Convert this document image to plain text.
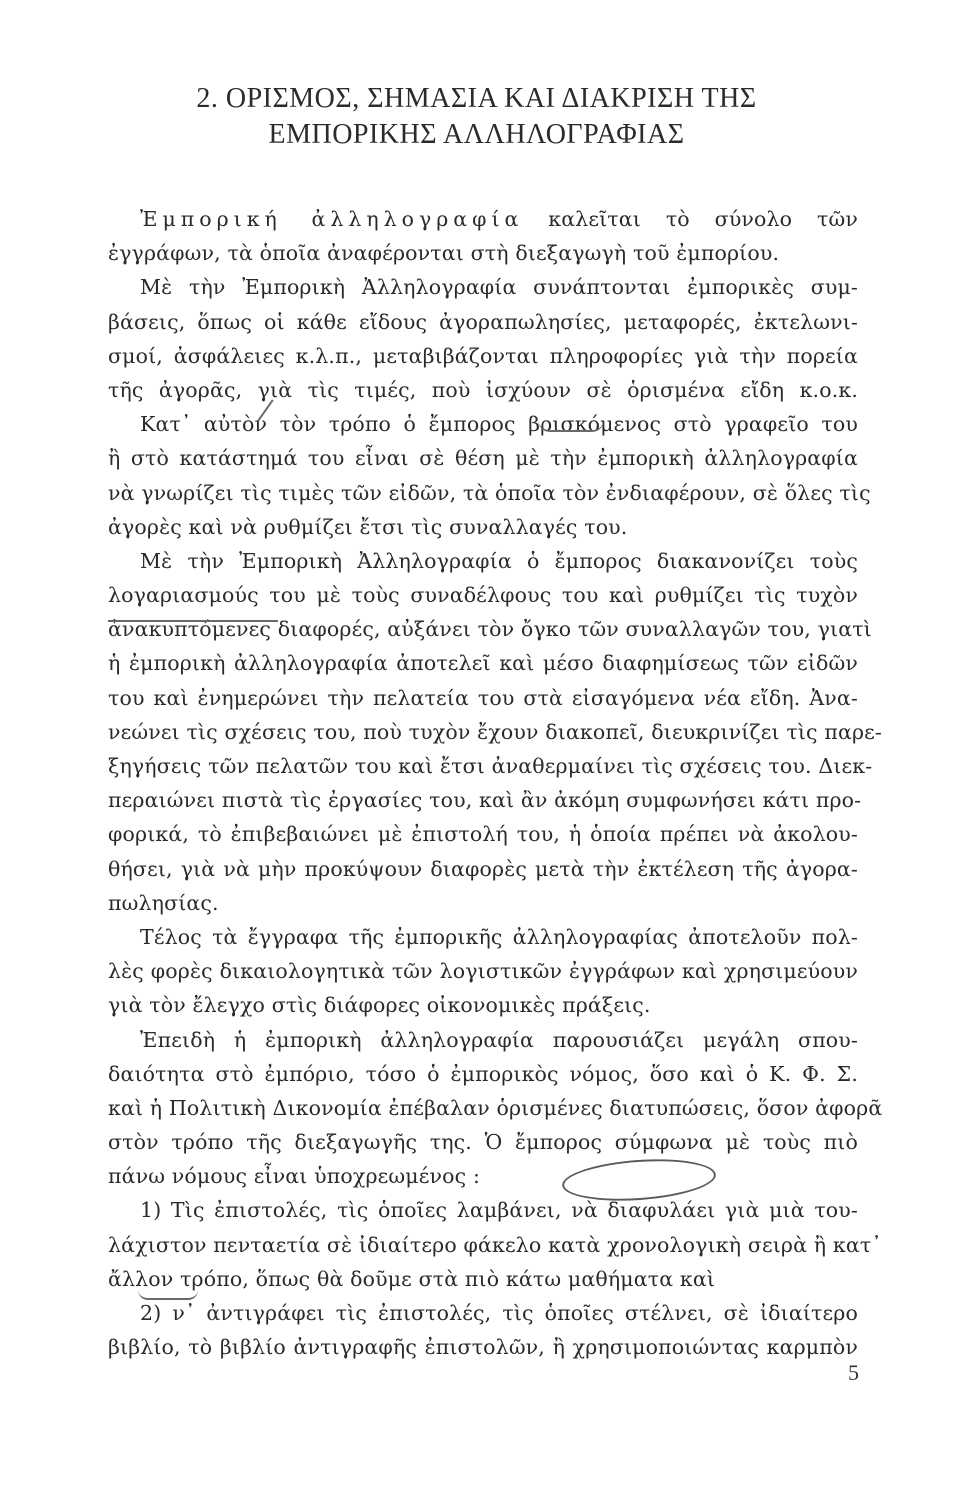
2. ΟΡΙΣΜΟΣ, ΣΗΜΑΣΙΑ ΚΑΙ ΔΙΑΚΡΙΣΗ ΤΗΣ
ΕΜΠΟΡΙΚΗΣ ΑΛΛΗΛΟΓΡΑΦΙΑΣ
Ἐμπορική ἀλληλογραφία καλεῖται τὸ σύνολο τῶν
ἐγγράφων, τὰ ὁποῖα ἀναφέρονται στὴ διεξαγωγὴ τοῦ ἐμπορίου.
Μὲ τὴν Ἐμπορικὴ Ἀλληλογραφία συνάπτονται ἐμπορικὲς συμ-
βάσεις, ὅπως οἱ κάθε εἴδους ἀγοραπωλησίες, μεταφορές, ἐκτελωνι-
σμοί, ἀσφάλειες κ.λ.π., μεταβιβάζονται πληροφορίες γιὰ τὴν πορεία
τῆς ἀγορᾶς, γιὰ τὶς τιμές, ποὺ ἰσχύουν σὲ ὁρισμένα εἴδη κ.ο.κ.
Κατ᾽ αὐτὸν τὸν τρόπο ὁ ἔμπορος βρισκόμενος στὸ γραφεῖο του
ἢ στὸ κατάστημά του εἶναι σὲ θέση μὲ τὴν ἐμπορικὴ ἀλληλογραφία
νὰ γνωρίζει τὶς τιμὲς τῶν εἰδῶν, τὰ ὁποῖα τὸν ἐνδιαφέρουν, σὲ ὅλες τὶς
ἀγορὲς καὶ νὰ ρυθμίζει ἔτσι τὶς συναλλαγές του.
Μὲ τὴν Ἐμπορικὴ Ἀλληλογραφία ὁ ἔμπορος διακανονίζει τοὺς
λογαριασμούς του μὲ τοὺς συναδέλφους του καὶ ρυθμίζει τὶς τυχὸν
ἀνακυπτόμενες διαφορές, αὐξάνει τὸν ὄγκο τῶν συναλλαγῶν του, γιατὶ
ἡ ἐμπορικὴ ἀλληλογραφία ἀποτελεῖ καὶ μέσο διαφημίσεως τῶν εἰδῶν
του καὶ ἐνημερώνει τὴν πελατεία του στὰ εἰσαγόμενα νέα εἴδη. Ἀνα-
νεώνει τὶς σχέσεις του, ποὺ τυχὸν ἔχουν διακοπεῖ, διευκρινίζει τὶς παρε-
ξηγήσεις τῶν πελατῶν του καὶ ἔτσι ἀναθερμαίνει τὶς σχέσεις του. Διεκ-
περαιώνει πιστὰ τὶς ἐργασίες του, καὶ ἂν ἀκόμη συμφωνήσει κάτι προ-
φορικά, τὸ ἐπιβεβαιώνει μὲ ἐπιστολή του, ἡ ὁποία πρέπει νὰ ἀκολου-
θήσει, γιὰ νὰ μὴν προκύψουν διαφορὲς μετὰ τὴν ἐκτέλεση τῆς ἀγορα-
πωλησίας.
Τέλος τὰ ἔγγραφα τῆς ἐμπορικῆς ἀλληλογραφίας ἀποτελοῦν πολ-
λὲς φορὲς δικαιολογητικὰ τῶν λογιστικῶν ἐγγράφων καὶ χρησιμεύουν
γιὰ τὸν ἔλεγχο στὶς διάφορες οἰκονομικὲς πράξεις.
Ἐπειδὴ ἡ ἐμπορικὴ ἀλληλογραφία παρουσιάζει μεγάλη σπου-
δαιότητα στὸ ἐμπόριο, τόσο ὁ ἐμπορικὸς νόμος, ὅσο καὶ ὁ Κ. Φ. Σ.
καὶ ἡ Πολιτικὴ Δικονομία ἐπέβαλαν ὁρισμένες διατυπώσεις, ὅσον ἀφορᾶ
στὸν τρόπο τῆς διεξαγωγῆς της. Ὁ ἔμπορος σύμφωνα μὲ τοὺς πιὸ
πάνω νόμους εἶναι ὑποχρεωμένος :
1) Τὶς ἐπιστολές, τὶς ὁποῖες λαμβάνει, νὰ διαφυλάει γιὰ μιὰ του-
λάχιστον πενταετία σὲ ἰδιαίτερο φάκελο κατὰ χρονολογικὴ σειρὰ ἢ κατ᾽
ἄλλον τρόπο, ὅπως θὰ δοῦμε στὰ πιὸ κάτω μαθήματα καὶ
2) ν᾽ ἀντιγράφει τὶς ἐπιστολές, τὶς ὁποῖες στέλνει, σὲ ἰδιαίτερο
βιβλίο, τὸ βιβλίο ἀντιγραφῆς ἐπιστολῶν, ἢ χρησιμοποιώντας καρμπὸν
5
